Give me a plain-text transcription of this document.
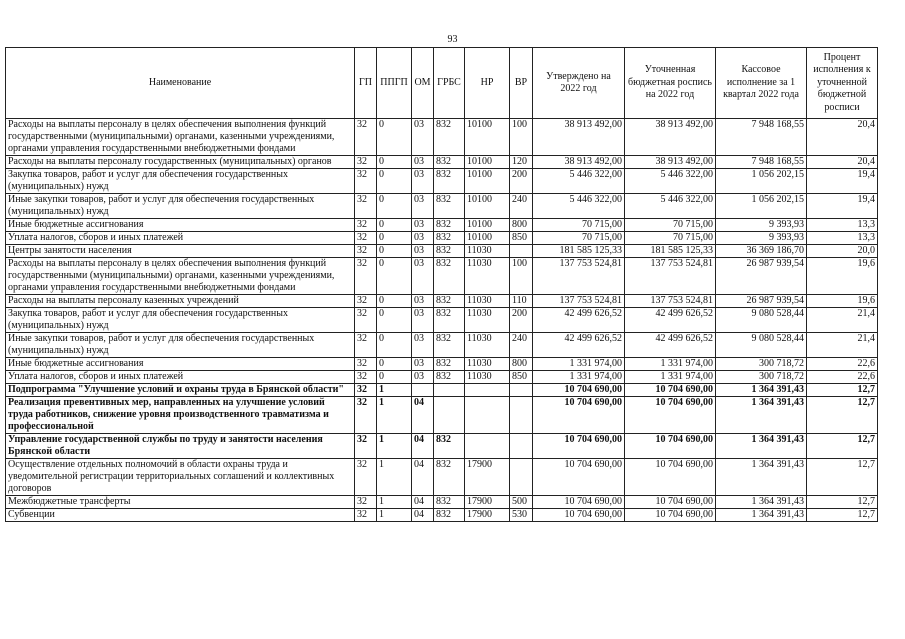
93
Наименование	ГП	ППГП	ОМ	ГРБС	НР	ВР	Утверждено на 2022 год	Уточненная бюджетная роспись на 2022 год	Кассовое исполнение за 1 квартал 2022 года	Процент исполнения к уточненной бюджетной росписи
Расходы на выплаты персоналу в целях обеспечения выполнения функций государственными (муниципальными) органами, казенными учреждениями, органами управления государственными внебюджетными фондами	32	0	03	832	10100	100	38 913 492,00	38 913 492,00	7 948 168,55	20,4
Расходы на выплаты персоналу государственных (муниципальных) органов	32	0	03	832	10100	120	38 913 492,00	38 913 492,00	7 948 168,55	20,4
Закупка товаров, работ и услуг для обеспечения государственных (муниципальных) нужд	32	0	03	832	10100	200	5 446 322,00	5 446 322,00	1 056 202,15	19,4
Иные закупки товаров, работ и услуг для обеспечения государственных (муниципальных) нужд	32	0	03	832	10100	240	5 446 322,00	5 446 322,00	1 056 202,15	19,4
Иные бюджетные ассигнования	32	0	03	832	10100	800	70 715,00	70 715,00	9 393,93	13,3
Уплата налогов, сборов и иных платежей	32	0	03	832	10100	850	70 715,00	70 715,00	9 393,93	13,3
Центры занятости населения	32	0	03	832	11030		181 585 125,33	181 585 125,33	36 369 186,70	20,0
Расходы на выплаты персоналу в целях обеспечения выполнения функций государственными (муниципальными) органами, казенными учреждениями, органами управления государственными внебюджетными фондами	32	0	03	832	11030	100	137 753 524,81	137 753 524,81	26 987 939,54	19,6
Расходы на выплаты персоналу казенных учреждений	32	0	03	832	11030	110	137 753 524,81	137 753 524,81	26 987 939,54	19,6
Закупка товаров, работ и услуг для обеспечения государственных (муниципальных) нужд	32	0	03	832	11030	200	42 499 626,52	42 499 626,52	9 080 528,44	21,4
Иные закупки товаров, работ и услуг для обеспечения государственных (муниципальных) нужд	32	0	03	832	11030	240	42 499 626,52	42 499 626,52	9 080 528,44	21,4
Иные бюджетные ассигнования	32	0	03	832	11030	800	1 331 974,00	1 331 974,00	300 718,72	22,6
Уплата налогов, сборов и иных платежей	32	0	03	832	11030	850	1 331 974,00	1 331 974,00	300 718,72	22,6
Подпрограмма "Улучшение условий и охраны труда в Брянской области"	32	1					10 704 690,00	10 704 690,00	1 364 391,43	12,7
Реализация превентивных мер, направленных на улучшение условий труда работников, снижение уровня производственного травматизма и профессиональной	32	1	04				10 704 690,00	10 704 690,00	1 364 391,43	12,7
Управление государственной службы по труду и занятости населения Брянской области	32	1	04	832			10 704 690,00	10 704 690,00	1 364 391,43	12,7
Осуществление отдельных полномочий в области охраны труда и уведомительной регистрации территориальных соглашений и коллективных договоров	32	1	04	832	17900		10 704 690,00	10 704 690,00	1 364 391,43	12,7
Межбюджетные трансферты	32	1	04	832	17900	500	10 704 690,00	10 704 690,00	1 364 391,43	12,7
Субвенции	32	1	04	832	17900	530	10 704 690,00	10 704 690,00	1 364 391,43	12,7
